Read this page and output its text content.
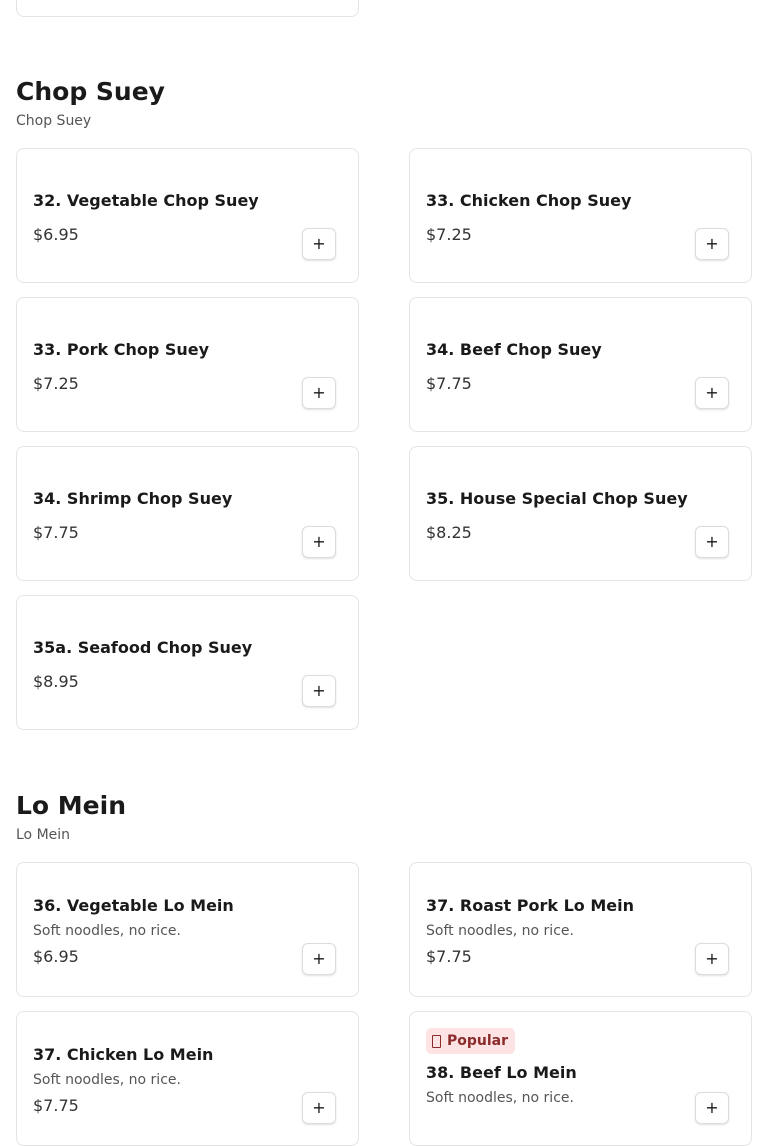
Chop Suey
Chop Suey
32. Vegetable Chop Suey
$6.95	+
33. Chicken Chop Suey
$7.25	+
33. Pork Chop Suey
$7.25	+
34. Beef Chop Suey
$7.75	+
34. Shrimp Chop Suey
$7.75	+
35. House Special Chop Suey
$8.25	+
35a. Seafood Chop Suey
$8.95	+
Lo Mein
Lo Mein
36. Vegetable Lo Mein
Soft noodles, no rice.
$6.95	+
37. Roast Pork Lo Mein
Soft noodles, no rice.
$7.75	+
37. Chicken Lo Mein
Soft noodles, no rice.
$7.75	+
Popular
38. Beef Lo Mein
Soft noodles, no rice.	+
